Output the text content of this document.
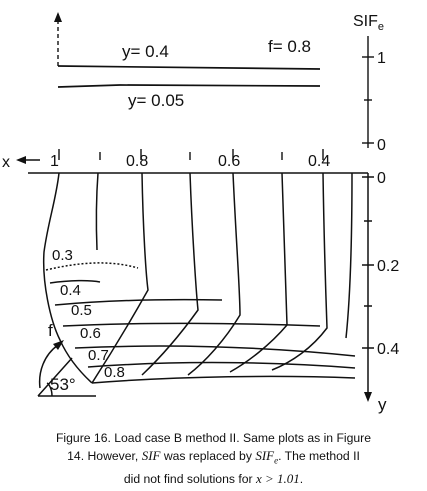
$SIF_e$
1
0
y= 0.4	f= 0.8
y= 0.05
x	1	0.8	0.6	0.4
y
0
0.2
0.4
0.3
0.4
0.5
0.6
0.7
0.8
f
53°
Figure 16. Load case B method II. Same plots as in Figure
14. However, SIF was replaced by $SIF_e$. The method II
did not find solutions for x > 1.01.
